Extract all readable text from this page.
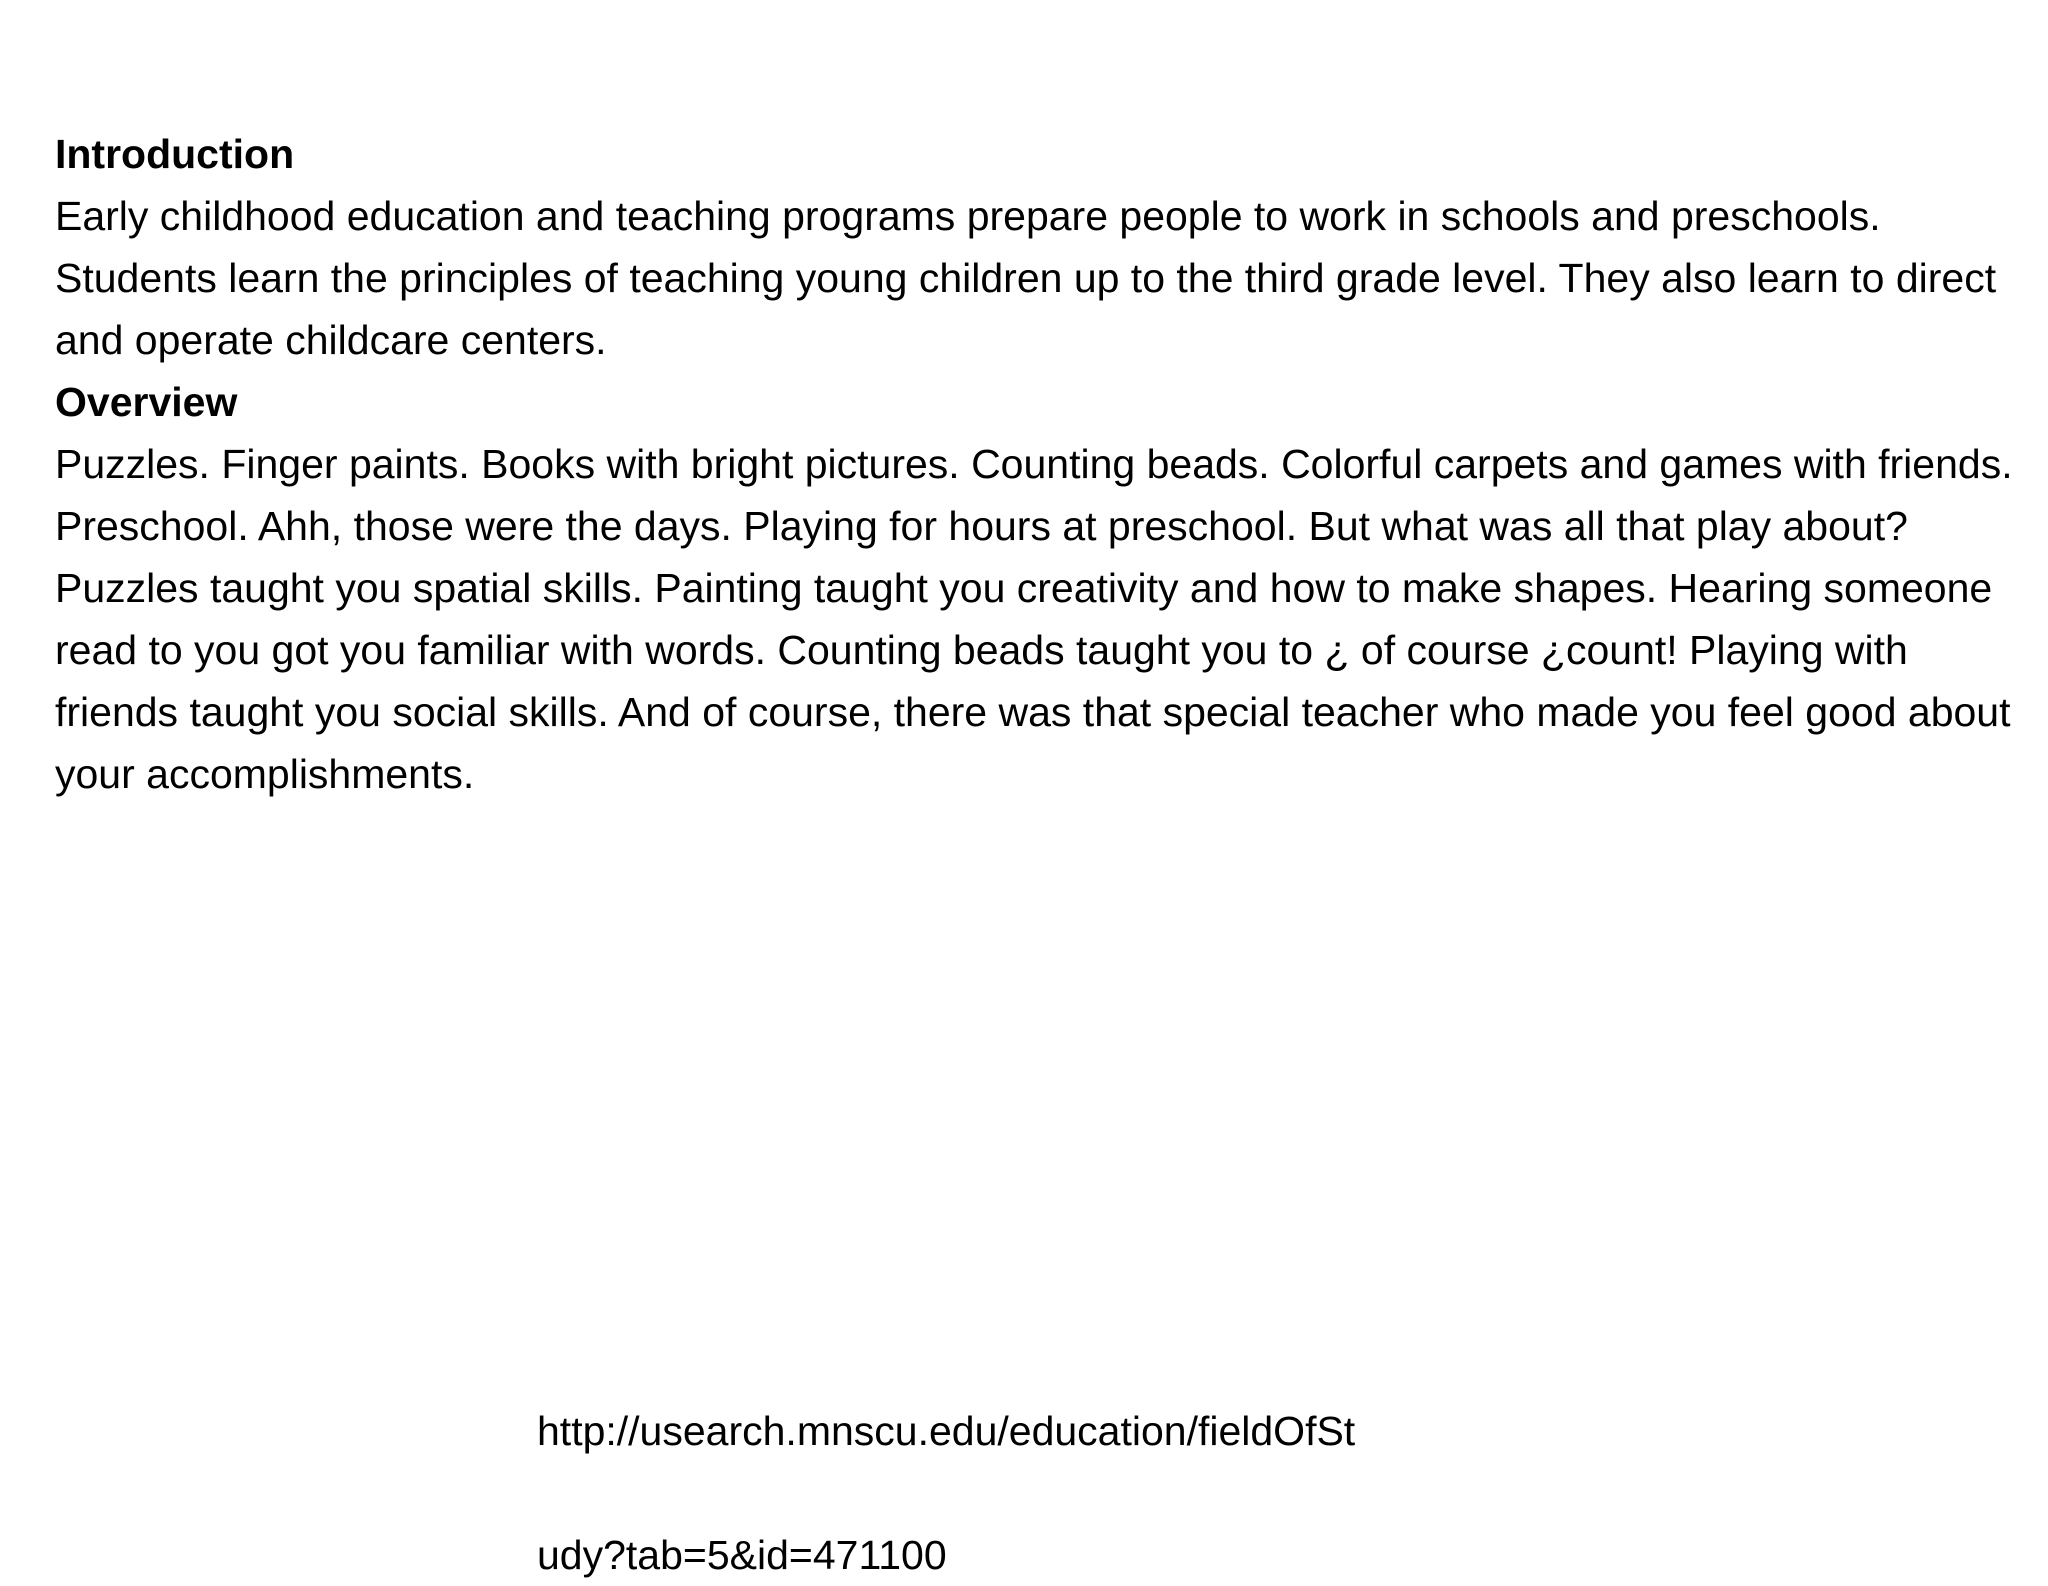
Introduction

Early childhood education and teaching programs prepare people to work in schools and preschools. Students learn the principles of teaching young children up to the third grade level. They also learn to direct and operate childcare centers.

Overview

Puzzles. Finger paints. Books with bright pictures. Counting beads. Colorful carpets and games with friends. Preschool. Ahh, those were the days. Playing for hours at preschool. But what was all that play about? Puzzles taught you spatial skills. Painting taught you creativity and how to make shapes. Hearing someone read to you got you familiar with words. Counting beads taught you to ¿ of course ¿count! Playing with friends taught you social skills. And of course, there was that special teacher who made you feel good about your accomplishments.

http://usearch.mnscu.edu/education/fieldOfSt

udy?tab=5&id=471100
